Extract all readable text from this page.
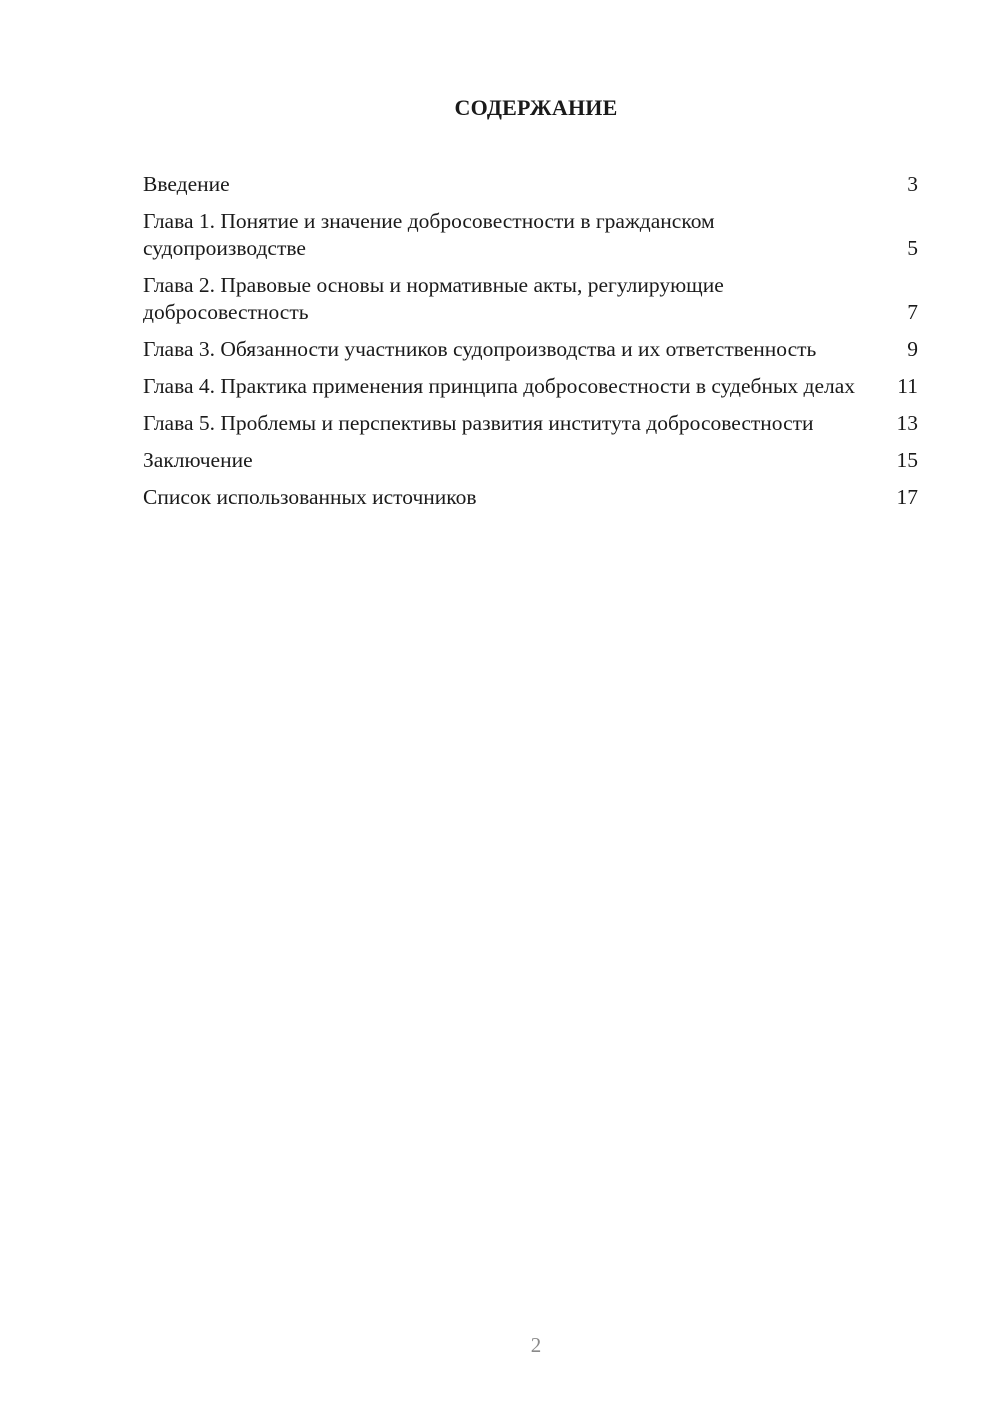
СОДЕРЖАНИЕ
Введение	3
Глава 1. Понятие и значение добросовестности в гражданском судопроизводстве	5
Глава 2. Правовые основы и нормативные акты, регулирующие добросовестность	7
Глава 3. Обязанности участников судопроизводства и их ответственность	9
Глава 4. Практика применения принципа добросовестности в судебных делах 11
Глава 5. Проблемы и перспективы развития института добросовестности	13
Заключение	15
Список использованных источников	17
2
